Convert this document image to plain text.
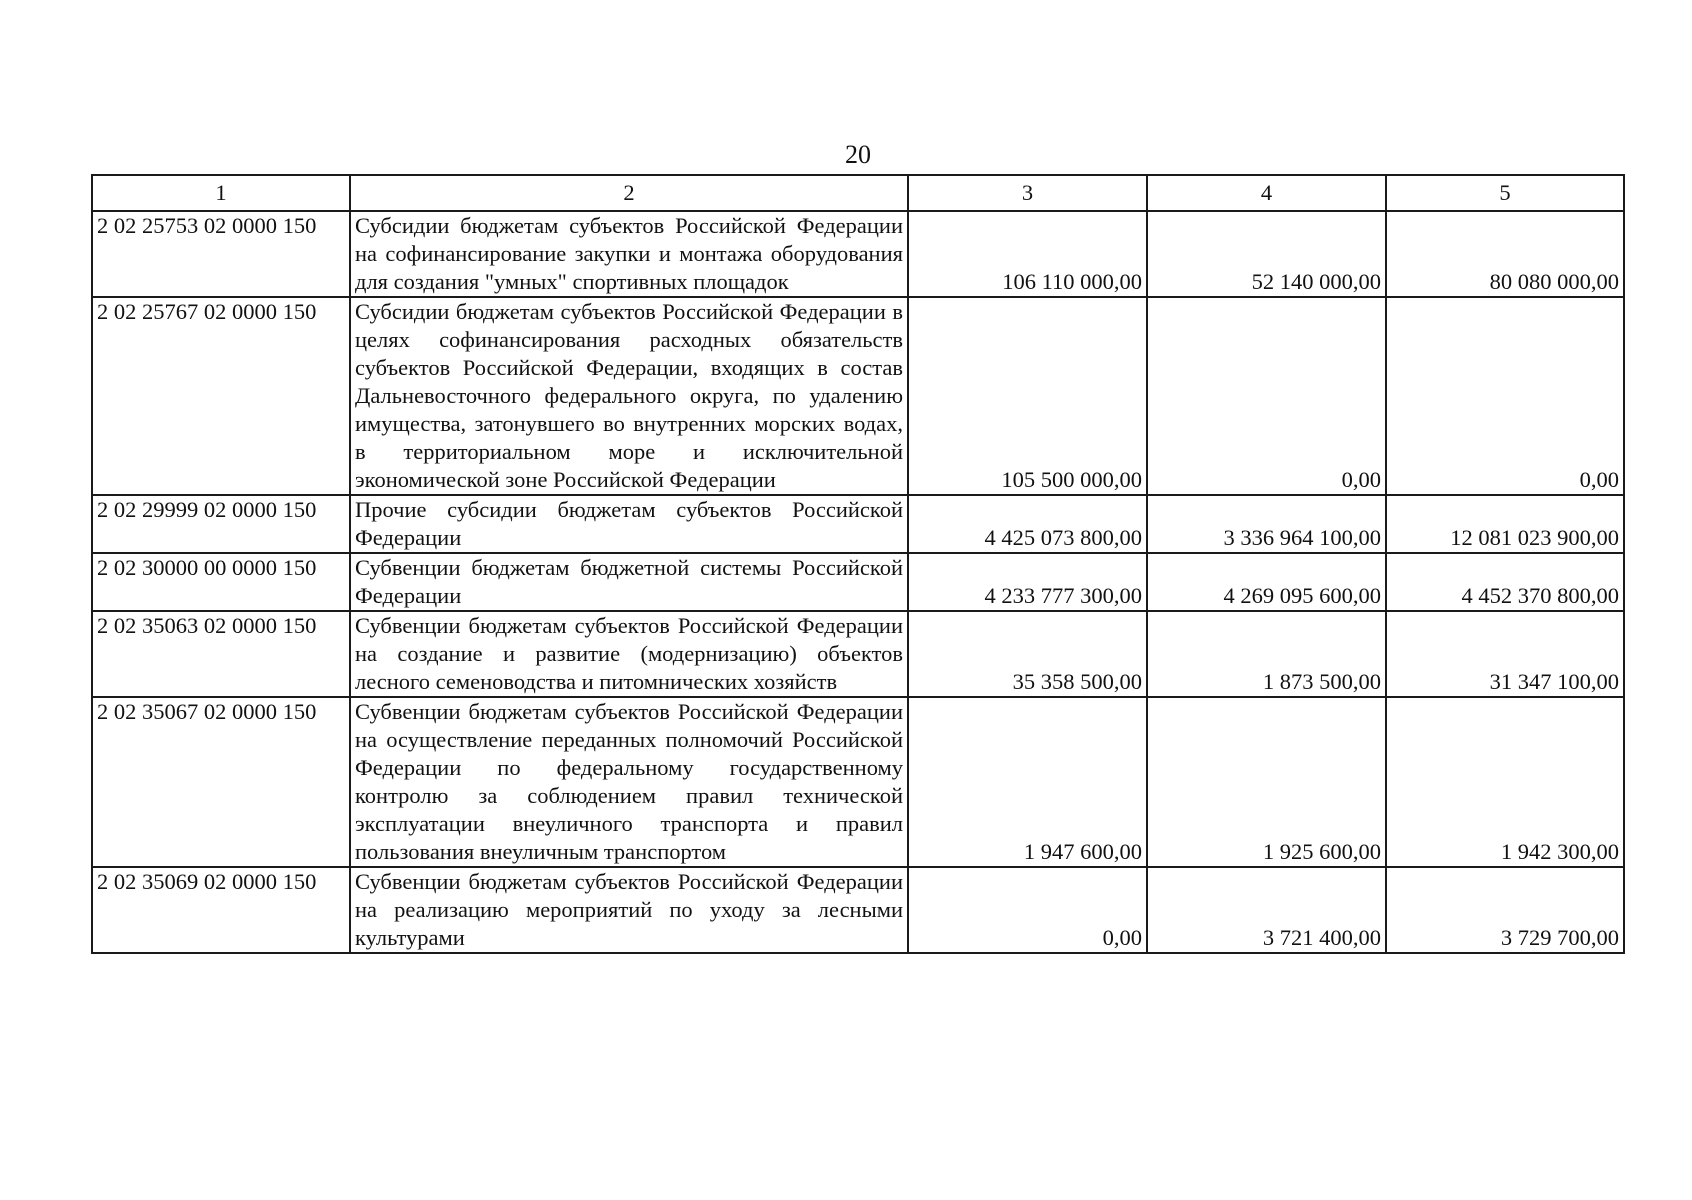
20
1	2	3	4	5
2 02 25753 02 0000 150	Субсидии бюджетам субъектов Российской Федерации на софинансирование закупки и монтажа оборудования для создания "умных" спортивных площадок	106 110 000,00	52 140 000,00	80 080 000,00
2 02 25767 02 0000 150	Субсидии бюджетам субъектов Российской Федерации в целях софинансирования расходных обязательств субъектов Российской Федерации, входящих в состав Дальневосточного федерального округа, по удалению имущества, затонувшего во внутренних морских водах, в территориальном море и исключительной экономической зоне Российской Федерации	105 500 000,00	0,00	0,00
2 02 29999 02 0000 150	Прочие субсидии бюджетам субъектов Российской Федерации	4 425 073 800,00	3 336 964 100,00	12 081 023 900,00
2 02 30000 00 0000 150	Субвенции бюджетам бюджетной системы Российской Федерации	4 233 777 300,00	4 269 095 600,00	4 452 370 800,00
2 02 35063 02 0000 150	Субвенции бюджетам субъектов Российской Федерации на создание и развитие (модернизацию) объектов лесного семеноводства и питомнических хозяйств	35 358 500,00	1 873 500,00	31 347 100,00
2 02 35067 02 0000 150	Субвенции бюджетам субъектов Российской Федерации на осуществление переданных полномочий Российской Федерации по федеральному государственному контролю за соблюдением правил технической эксплуатации внеуличного транспорта и правил пользования внеуличным транспортом	1 947 600,00	1 925 600,00	1 942 300,00
2 02 35069 02 0000 150	Субвенции бюджетам субъектов Российской Федерации на реализацию мероприятий по уходу за лесными культурами	0,00	3 721 400,00	3 729 700,00
